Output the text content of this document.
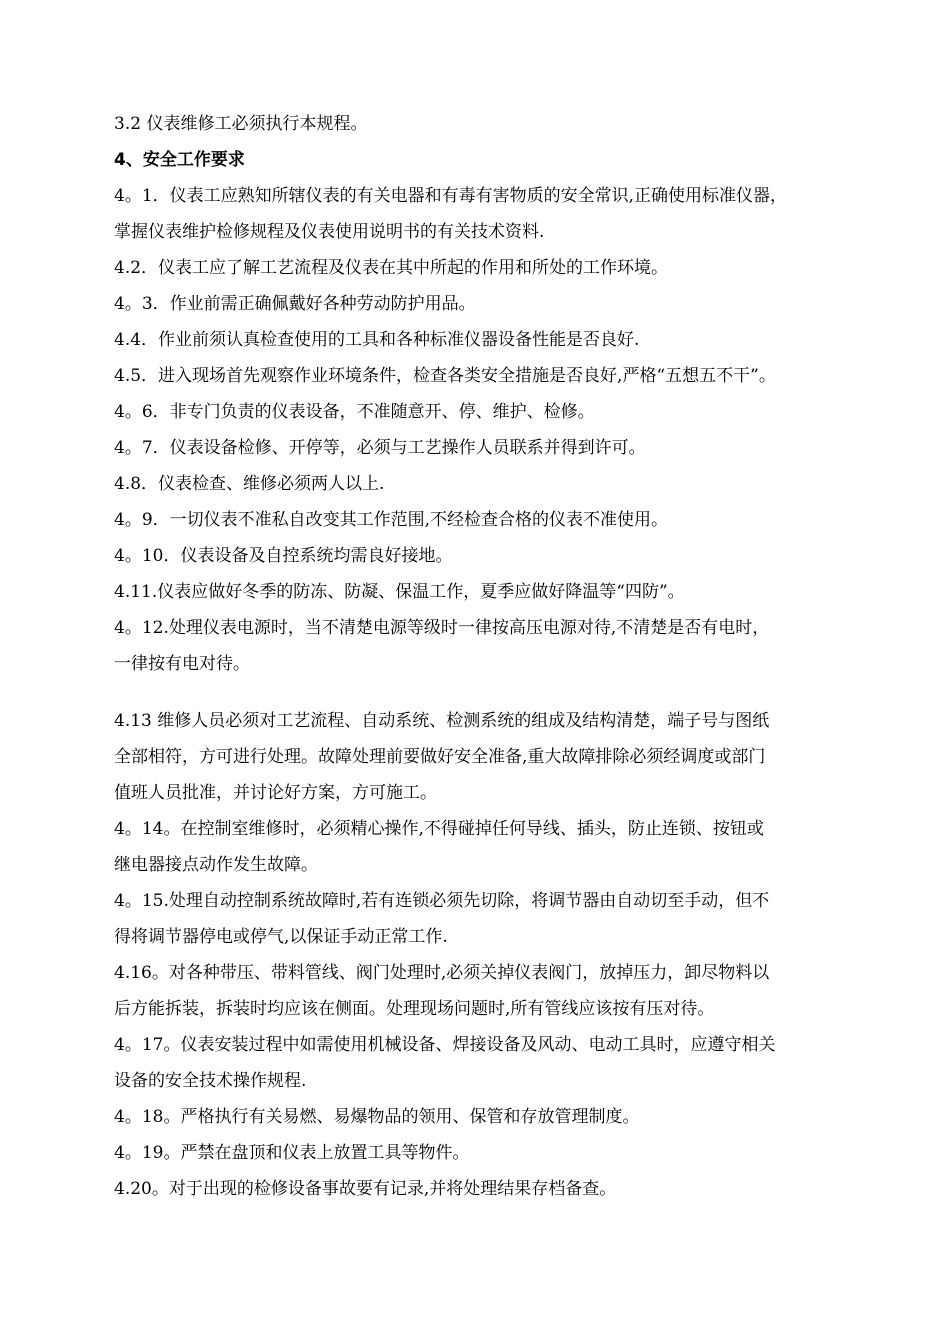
3.2 仪表维修工必须执行本规程。
4、安全工作要求
4。1．仪表工应熟知所辖仪表的有关电器和有毒有害物质的安全常识,正确使用标准仪器，
掌握仪表维护检修规程及仪表使用说明书的有关技术资料.
4.2．仪表工应了解工艺流程及仪表在其中所起的作用和所处的工作环境。
4。3．作业前需正确佩戴好各种劳动防护用品。
4.4．作业前须认真检查使用的工具和各种标准仪器设备性能是否良好.
4.5．进入现场首先观察作业环境条件，检查各类安全措施是否良好,严格“五想五不干”。
4。6．非专门负责的仪表设备，不准随意开、停、维护、检修。
4。7．仪表设备检修、开停等，必须与工艺操作人员联系并得到许可。
4.8．仪表检查、维修必须两人以上.
4。9．一切仪表不准私自改变其工作范围,不经检查合格的仪表不准使用。
4。10．仪表设备及自控系统均需良好接地。
4.11.仪表应做好冬季的防冻、防凝、保温工作，夏季应做好降温等“四防”。
4。12.处理仪表电源时，当不清楚电源等级时一律按高压电源对待,不清楚是否有电时，
一律按有电对待。
4.13 维修人员必须对工艺流程、自动系统、检测系统的组成及结构清楚，端子号与图纸
全部相符，方可进行处理。故障处理前要做好安全准备,重大故障排除必须经调度或部门
值班人员批准，并讨论好方案，方可施工。
4。14。在控制室维修时，必须精心操作,不得碰掉任何导线、插头，防止连锁、按钮或
继电器接点动作发生故障。
4。15.处理自动控制系统故障时,若有连锁必须先切除，将调节器由自动切至手动，但不
得将调节器停电或停气,以保证手动正常工作.
4.16。对各种带压、带料管线、阀门处理时,必须关掉仪表阀门，放掉压力，卸尽物料以
后方能拆装，拆装时均应该在侧面。处理现场问题时,所有管线应该按有压对待。
4。17。仪表安装过程中如需使用机械设备、焊接设备及风动、电动工具时，应遵守相关
设备的安全技术操作规程.
4。18。严格执行有关易燃、易爆物品的领用、保管和存放管理制度。
4。19。严禁在盘顶和仪表上放置工具等物件。
4.20。对于出现的检修设备事故要有记录,并将处理结果存档备查。
